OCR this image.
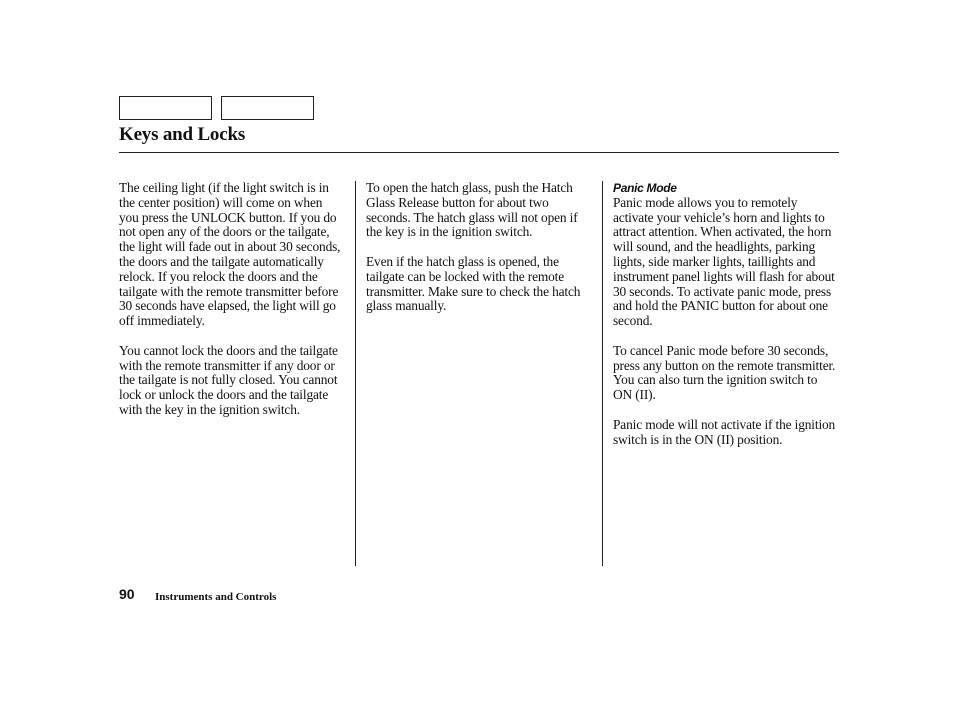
Keys and Locks

The ceiling light (if the light switch is in the center position) will come on when you press the UNLOCK button. If you do not open any of the doors or the tailgate, the light will fade out in about 30 seconds, the doors and the tailgate automatically relock. If you relock the doors and the tailgate with the remote transmitter before 30 seconds have elapsed, the light will go off immediately.

You cannot lock the doors and the tailgate with the remote transmitter if any door or the tailgate is not fully closed. You cannot lock or unlock the doors and the tailgate with the key in the ignition switch.

To open the hatch glass, push the Hatch Glass Release button for about two seconds. The hatch glass will not open if the key is in the ignition switch.

Even if the hatch glass is opened, the tailgate can be locked with the remote transmitter. Make sure to check the hatch glass manually.

Panic Mode

Panic mode allows you to remotely activate your vehicle’s horn and lights to attract attention. When activated, the horn will sound, and the headlights, parking lights, side marker lights, taillights and instrument panel lights will flash for about 30 seconds. To activate panic mode, press and hold the PANIC button for about one second.

To cancel Panic mode before 30 seconds, press any button on the remote transmitter. You can also turn the ignition switch to ON (II).

Panic mode will not activate if the ignition switch is in the ON (II) position.

90 Instruments and Controls
